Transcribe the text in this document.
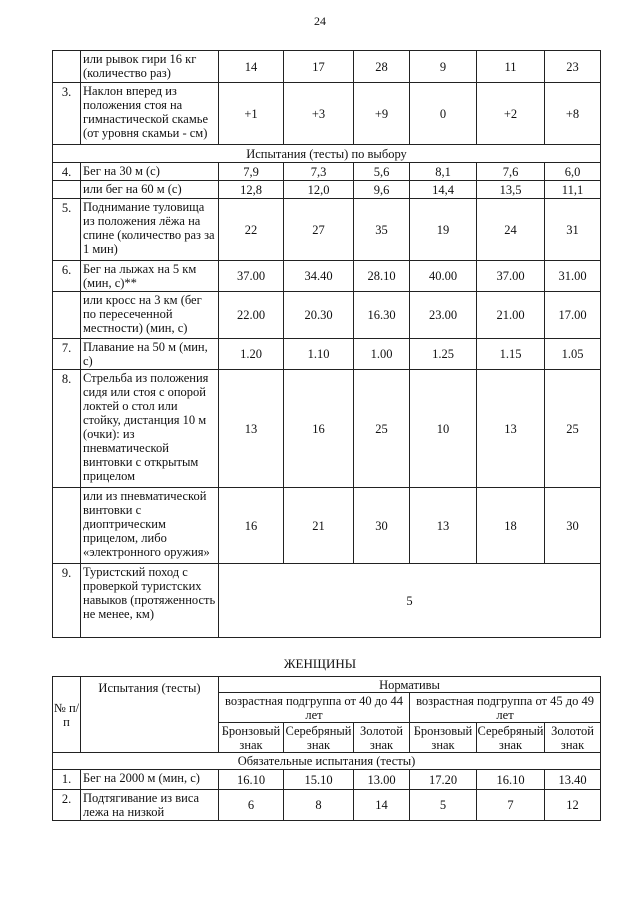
24
	или рывок гири 16 кг (количество раз)	14	17	28	9	11	23
3.	Наклон вперед из положения стоя на гимнастической скамье (от уровня скамьи - см)	+1	+3	+9	0	+2	+8
Испытания (тесты) по выбору							
4.	Бег на 30 м (с)	7,9	7,3	5,6	8,1	7,6	6,0
	или бег на 60 м (с)	12,8	12,0	9,6	14,4	13,5	11,1
5.	Поднимание туловища из положения лёжа на спине (количество раз за 1 мин)	22	27	35	19	24	31
6.	Бег на лыжах на 5 км (мин, с)**	37.00	34.40	28.10	40.00	37.00	31.00
	или кросс на 3 км (бег по пересеченной местности) (мин, с)	22.00	20.30	16.30	23.00	21.00	17.00
7.	Плавание на 50 м (мин, с)	1.20	1.10	1.00	1.25	1.15	1.05
8.	Стрельба из положения сидя или стоя с опорой локтей о стол или стойку, дистанция 10 м (очки): из пневматической винтовки с открытым прицелом	13	16	25	10	13	25
	или из пневматической винтовки с диоптрическим прицелом, либо «электронного оружия»	16	21	30	13	18	30
9.	Туристский поход с проверкой туристских навыков (протяженность не менее, км)	5					
ЖЕНЩИНЫ
№ п/п	Испытания (тесты)	Нормативы					
		возрастная подгруппа от 40 до 44 лет			возрастная подгруппа от 45 до 49 лет		
		Бронзовый знак	Серебряный знак	Золотой знак	Бронзовый знак	Серебряный знак	Золотой знак
Обязательные испытания (тесты)							
1.	Бег на 2000 м (мин, с)	16.10	15.10	13.00	17.20	16.10	13.40
2.	Подтягивание из виса лежа на низкой	6	8	14	5	7	12
